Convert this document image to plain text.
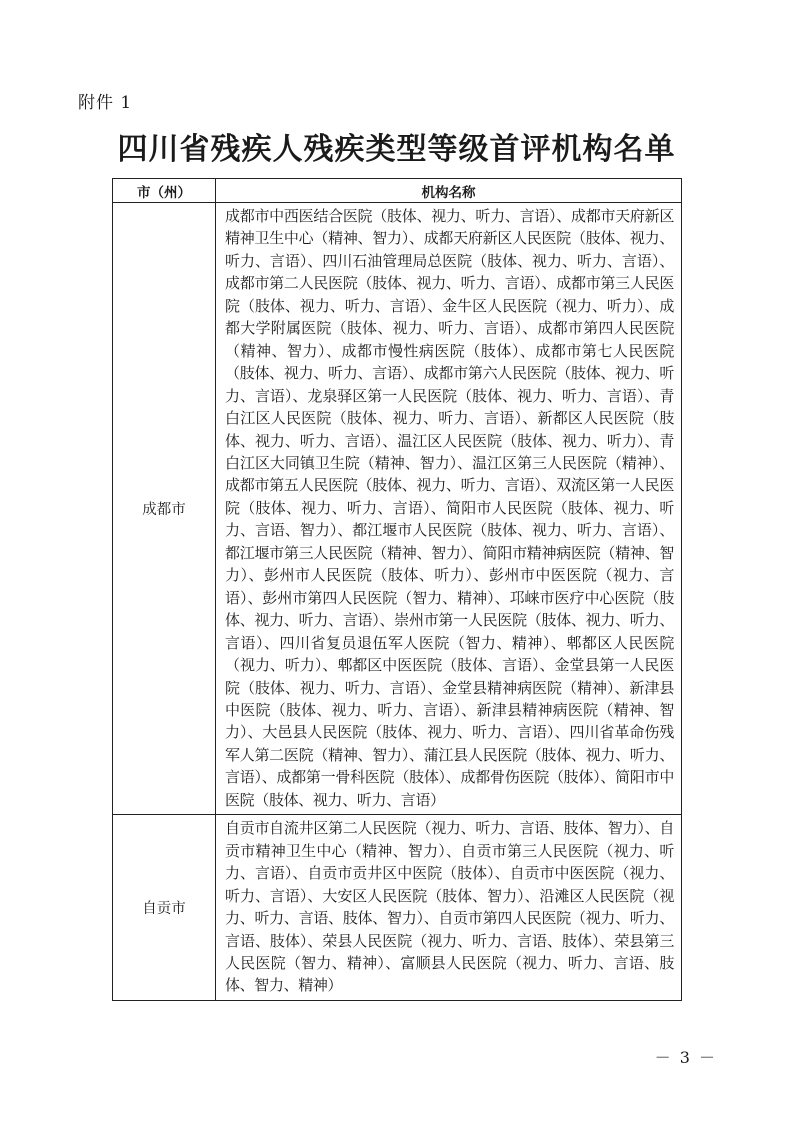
附件 1
四川省残疾人残疾类型等级首评机构名单
市（州）	机构名称
成都市	成都市中西医结合医院（肢体、视力、听力、言语）、成都市天府新区精神卫生中心（精神、智力）、成都天府新区人民医院（肢体、视力、听力、言语）、四川石油管理局总医院（肢体、视力、听力、言语）、成都市第二人民医院（肢体、视力、听力、言语）、成都市第三人民医院（肢体、视力、听力、言语）、金牛区人民医院（视力、听力）、成都大学附属医院（肢体、视力、听力、言语）、成都市第四人民医院（精神、智力）、成都市慢性病医院（肢体）、成都市第七人民医院（肢体、视力、听力、言语）、成都市第六人民医院（肢体、视力、听力、言语）、龙泉驿区第一人民医院（肢体、视力、听力、言语）、青白江区人民医院（肢体、视力、听力、言语）、新都区人民医院（肢体、视力、听力、言语）、温江区人民医院（肢体、视力、听力）、青白江区大同镇卫生院（精神、智力）、温江区第三人民医院（精神）、成都市第五人民医院（肢体、视力、听力、言语）、双流区第一人民医院（肢体、视力、听力、言语）、简阳市人民医院（肢体、视力、听力、言语、智力）、都江堰市人民医院（肢体、视力、听力、言语）、都江堰市第三人民医院（精神、智力）、简阳市精神病医院（精神、智力）、彭州市人民医院（肢体、听力）、彭州市中医医院（视力、言语）、彭州市第四人民医院（智力、精神）、邛崃市医疗中心医院（肢体、视力、听力、言语）、崇州市第一人民医院（肢体、视力、听力、言语）、四川省复员退伍军人医院（智力、精神）、郫都区人民医院（视力、听力）、郫都区中医医院（肢体、言语）、金堂县第一人民医院（肢体、视力、听力、言语）、金堂县精神病医院（精神）、新津县中医院（肢体、视力、听力、言语）、新津县精神病医院（精神、智力）、大邑县人民医院（肢体、视力、听力、言语）、四川省革命伤残军人第二医院（精神、智力）、蒲江县人民医院（肢体、视力、听力、言语）、成都第一骨科医院（肢体）、成都骨伤医院（肢体）、简阳市中医院（肢体、视力、听力、言语）
自贡市	自贡市自流井区第二人民医院（视力、听力、言语、肢体、智力）、自贡市精神卫生中心（精神、智力）、自贡市第三人民医院（视力、听力、言语）、自贡市贡井区中医院（肢体）、自贡市中医医院（视力、听力、言语）、大安区人民医院（肢体、智力）、沿滩区人民医院（视力、听力、言语、肢体、智力）、自贡市第四人民医院（视力、听力、言语、肢体）、荣县人民医院（视力、听力、言语、肢体）、荣县第三人民医院（智力、精神）、富顺县人民医院（视力、听力、言语、肢体、智力、精神）
－ 3 －
